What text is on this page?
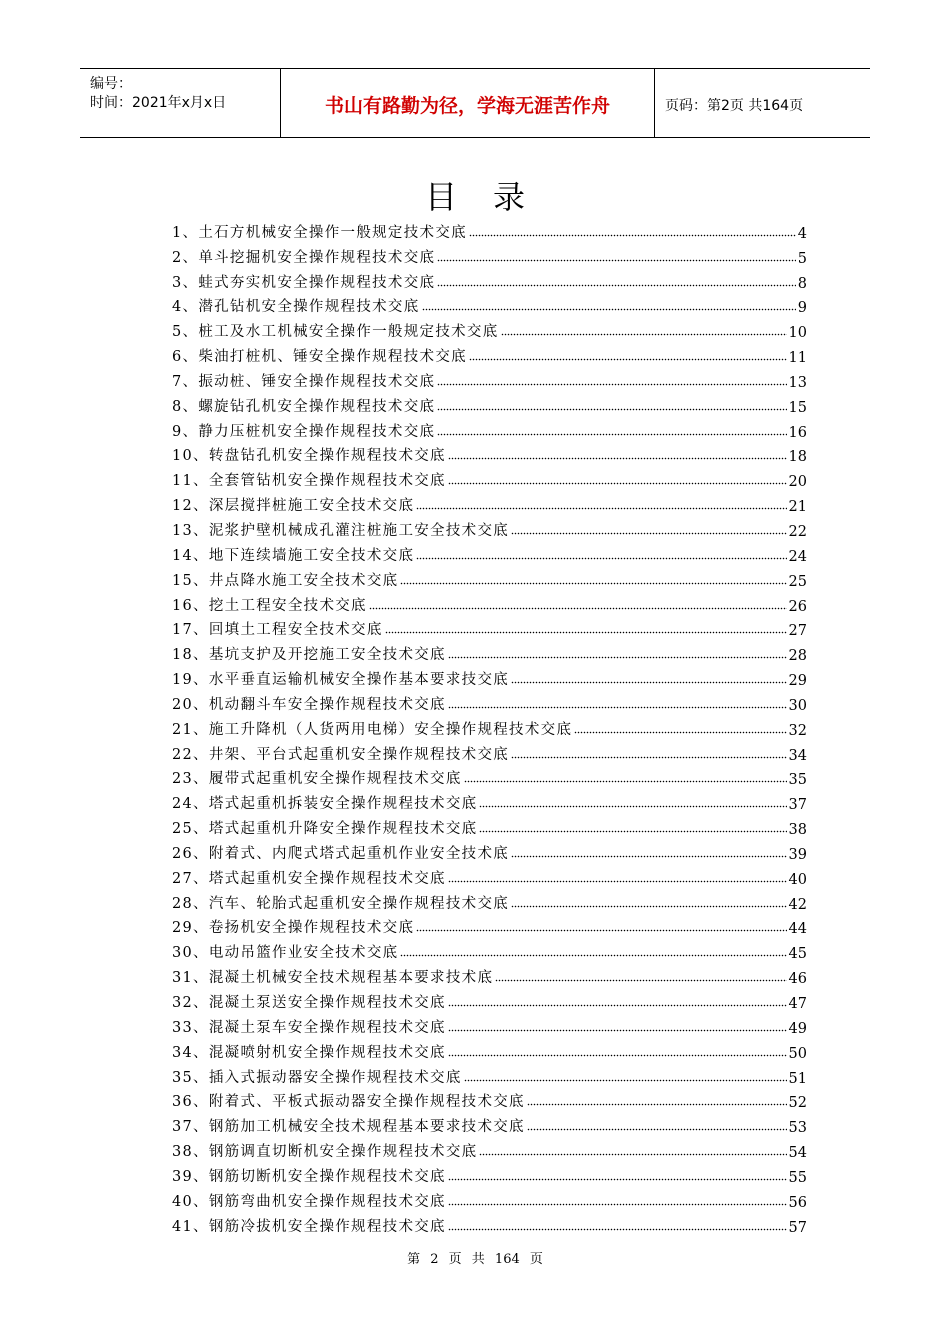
编号：
时间：2021年x月x日	书山有路勤为径，学海无涯苦作舟	页码：第2页 共164页
目录
1、土石方机械安全操作一般规定技术交底	4
2、单斗挖掘机安全操作规程技术交底	5
3、蛙式夯实机安全操作规程技术交底	8
4、潜孔钻机安全操作规程技术交底	9
5、桩工及水工机械安全操作一般规定技术交底	10
6、柴油打桩机、锤安全操作规程技术交底	11
7、振动桩、锤安全操作规程技术交底	13
8、螺旋钻孔机安全操作规程技术交底	15
9、静力压桩机安全操作规程技术交底	16
10、转盘钻孔机安全操作规程技术交底	18
11、全套管钻机安全操作规程技术交底	20
12、深层搅拌桩施工安全技术交底	21
13、泥浆护壁机械成孔灌注桩施工安全技术交底	22
14、地下连续墙施工安全技术交底	24
15、井点降水施工安全技术交底	25
16、挖土工程安全技术交底	26
17、回填土工程安全技术交底	27
18、基坑支护及开挖施工安全技术交底	28
19、水平垂直运输机械安全操作基本要求技交底	29
20、机动翻斗车安全操作规程技术交底	30
21、施工升降机（人货两用电梯）安全操作规程技术交底	32
22、井架、平台式起重机安全操作规程技术交底	34
23、履带式起重机安全操作规程技术交底	35
24、塔式起重机拆装安全操作规程技术交底	37
25、塔式起重机升降安全操作规程技术交底	38
26、附着式、内爬式塔式起重机作业安全技术底	39
27、塔式起重机安全操作规程技术交底	40
28、汽车、轮胎式起重机安全操作规程技术交底	42
29、卷扬机安全操作规程技术交底	44
30、电动吊篮作业安全技术交底	45
31、混凝土机械安全技术规程基本要求技术底	46
32、混凝土泵送安全操作规程技术交底	47
33、混凝土泵车安全操作规程技术交底	49
34、混凝喷射机安全操作规程技术交底	50
35、插入式振动器安全操作规程技术交底	51
36、附着式、平板式振动器安全操作规程技术交底	52
37、钢筋加工机械安全技术规程基本要求技术交底	53
38、钢筋调直切断机安全操作规程技术交底	54
39、钢筋切断机安全操作规程技术交底	55
40、钢筋弯曲机安全操作规程技术交底	56
41、钢筋冷拔机安全操作规程技术交底	57
第 2 页 共 164 页
